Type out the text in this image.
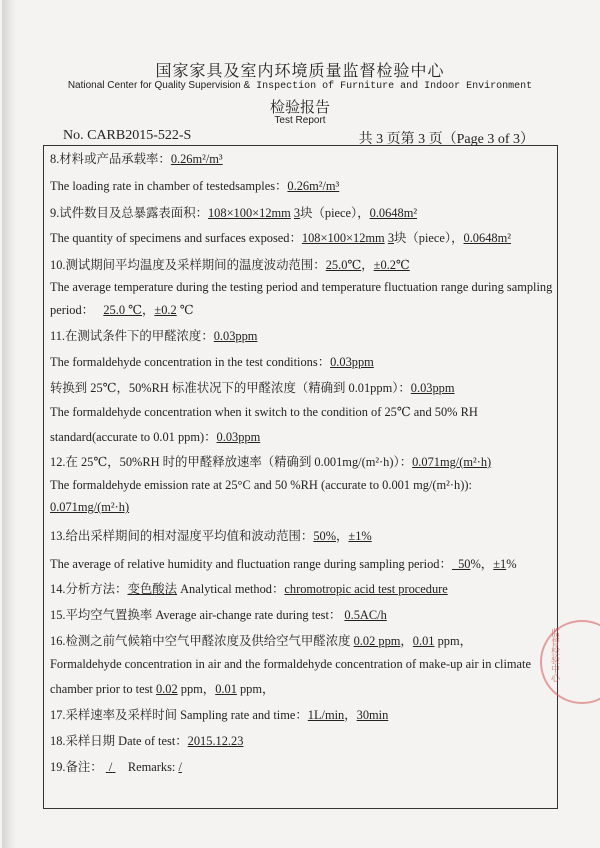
国家家具及室内环境质量监督检验中心
National Center for Quality Supervision & Inspection of Furniture and Indoor Environment
检验报告
Test Report
No. CARB2015-522-S	共 3 页第 3 页（Page 3 of 3）
8.材料或产品承载率：0.26m²/m³
The loading rate in chamber of testedsamples：0.26m²/m³
9.试件数目及总暴露表面积：108×100×12mm 3块（piece），0.0648m²
The quantity of specimens and surfaces exposed：108×100×12mm 3块（piece），0.0648m²
10.测试期间平均温度及采样期间的温度波动范围：25.0℃，±0.2℃
The average temperature during the testing period and temperature fluctuation range during sampling
period： 25.0 ℃，±0.2 ℃
11.在测试条件下的甲醛浓度：0.03ppm
The formaldehyde concentration in the test conditions：0.03ppm
转换到 25℃，50%RH 标准状况下的甲醛浓度（精确到 0.01ppm）：0.03ppm
The formaldehyde concentration when it switch to the condition of 25℃ and 50% RH
standard(accurate to 0.01 ppm)：0.03ppm
12.在 25℃，50%RH 时的甲醛释放速率（精确到 0.001mg/(m²·h)）：0.071mg/(m²·h)
The formaldehyde emission rate at 25°C and 50 %RH (accurate to 0.001 mg/(m²·h)):
0.071mg/(m²·h)
13.给出采样期间的相对湿度平均值和波动范围：50%，±1%
The average of relative humidity and fluctuation range during sampling period： 50%，±1%
14.分析方法：变色酸法 Analytical method：chromotropic acid test procedure
15.平均空气置换率 Average air-change rate during test： 0.5AC/h
16.检测之前气候箱中空气甲醛浓度及供给空气甲醛浓度 0.02 ppm，0.01 ppm，
Formaldehyde concentration in air and the formaldehyde concentration of make-up air in climate
chamber prior to test 0.02 ppm，0.01 ppm，
17.采样速率及采样时间 Sampling rate and time：1L/min，30min
18.采样日期 Date of test：2015.12.23
19.备注： / Remarks: /
监督检验中心
